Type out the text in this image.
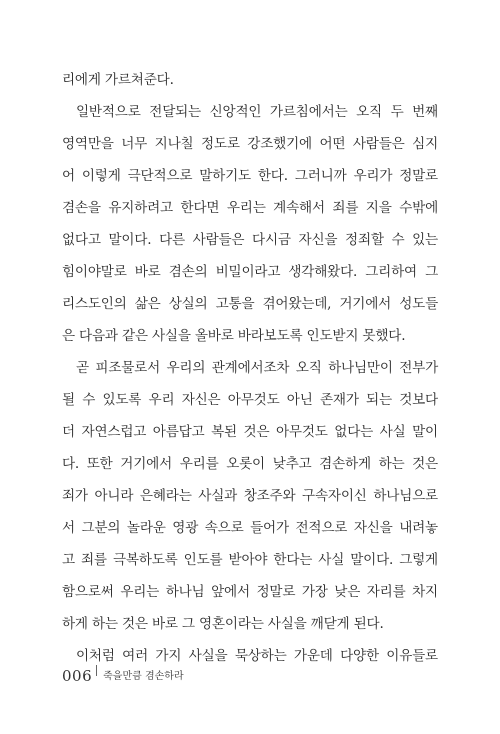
리에게 가르쳐준다.
일반적으로 전달되는 신앙적인 가르침에서는 오직 두 번째
영역만을 너무 지나칠 정도로 강조했기에 어떤 사람들은 심지
어 이렇게 극단적으로 말하기도 한다. 그러니까 우리가 정말로
겸손을 유지하려고 한다면 우리는 계속해서 죄를 지을 수밖에
없다고 말이다. 다른 사람들은 다시금 자신을 정죄할 수 있는
힘이야말로 바로 겸손의 비밀이라고 생각해왔다. 그리하여 그
리스도인의 삶은 상실의 고통을 겪어왔는데, 거기에서 성도들
은 다음과 같은 사실을 올바로 바라보도록 인도받지 못했다.
곧 피조물로서 우리의 관계에서조차 오직 하나님만이 전부가
될 수 있도록 우리 자신은 아무것도 아닌 존재가 되는 것보다
더 자연스럽고 아름답고 복된 것은 아무것도 없다는 사실 말이
다. 또한 거기에서 우리를 오롯이 낮추고 겸손하게 하는 것은
죄가 아니라 은혜라는 사실과 창조주와 구속자이신 하나님으로
서 그분의 놀라운 영광 속으로 들어가 전적으로 자신을 내려놓
고 죄를 극복하도록 인도를 받아야 한다는 사실 말이다. 그렇게
함으로써 우리는 하나님 앞에서 정말로 가장 낮은 자리를 차지
하게 하는 것은 바로 그 영혼이라는 사실을 깨닫게 된다.
이처럼 여러 가지 사실을 묵상하는 가운데 다양한 이유들로
006 죽을만큼 겸손하라
